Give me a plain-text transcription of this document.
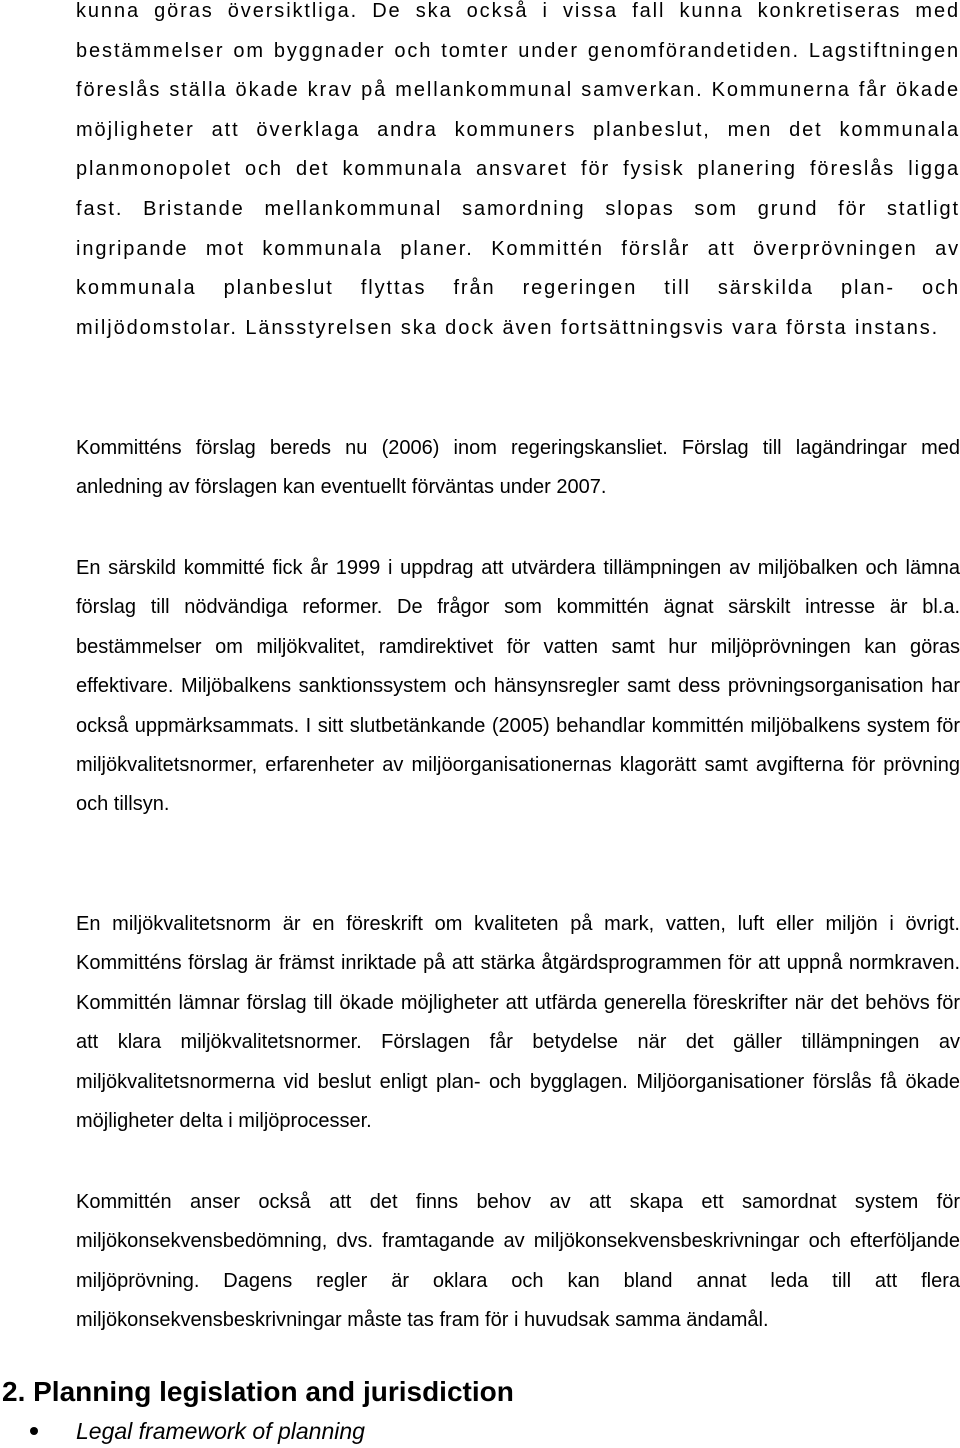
kunna göras översiktliga. De ska också i vissa fall kunna konkretiseras med bestämmelser om byggnader och tomter under genomförandetiden. Lagstiftningen föreslås ställa ökade krav på mellankommunal samverkan. Kommunerna får ökade möjligheter att överklaga andra kommuners planbeslut, men det kommunala planmonopolet och det kommunala ansvaret för fysisk planering föreslås ligga fast. Bristande mellankommunal samordning slopas som grund för statligt ingripande mot kommunala planer. Kommittén förslår att överprövningen av kommunala planbeslut flyttas från regeringen till särskilda plan- och miljödomstolar. Länsstyrelsen ska dock även fortsättningsvis vara första instans.

Kommitténs förslag bereds nu (2006) inom regeringskansliet. Förslag till lagändringar med anledning av förslagen kan eventuellt förväntas under 2007.

En särskild kommitté fick år 1999 i uppdrag att utvärdera tillämpningen av miljöbalken och lämna förslag till nödvändiga reformer. De frågor som kommittén ägnat särskilt intresse är bl.a. bestämmelser om miljökvalitet, ramdirektivet för vatten samt hur miljöprövningen kan göras effektivare. Miljöbalkens sanktionssystem och hänsynsregler samt dess prövningsorganisation har också uppmärksammats. I sitt slutbetänkande (2005) behandlar kommittén miljöbalkens system för miljökvalitetsnormer, erfarenheter av miljöorganisationernas klagorätt samt avgifterna för prövning och tillsyn.

En miljökvalitetsnorm är en föreskrift om kvaliteten på mark, vatten, luft eller miljön i övrigt. Kommitténs förslag är främst inriktade på att stärka åtgärdsprogrammen för att uppnå normkraven. Kommittén lämnar förslag till ökade möjligheter att utfärda generella föreskrifter när det behövs för att klara miljökvalitetsnormer. Förslagen får betydelse när det gäller tillämpningen av miljökvalitetsnormerna vid beslut enligt plan- och bygglagen. Miljöorganisationer förslås få ökade möjligheter delta i miljöprocesser.

Kommittén anser också att det finns behov av att skapa ett samordnat system för miljökonsekvensbedömning, dvs. framtagande av miljökonsekvensbeskrivningar och efterföljande miljöprövning. Dagens regler är oklara och kan bland annat leda till att flera miljökonsekvensbeskrivningar måste tas fram för i huvudsak samma ändamål.

2. Planning legislation and jurisdiction
Legal framework of planning
